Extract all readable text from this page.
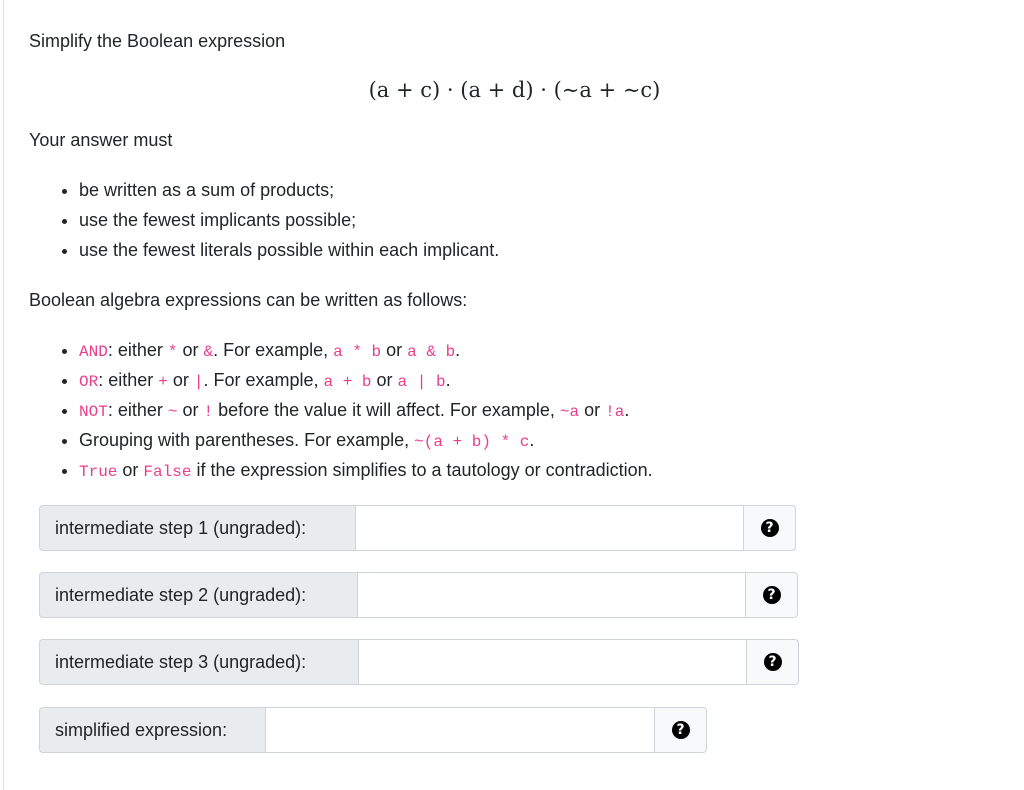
Simplify the Boolean expression

(a + c) · (a + d) · (∼a + ∼c)

Your answer must

• be written as a sum of products;
• use the fewest implicants possible;
• use the fewest literals possible within each implicant.

Boolean algebra expressions can be written as follows:

• AND: either * or &. For example, a * b or a & b.
• OR: either + or |. For example, a + b or a | b.
• NOT: either ~ or ! before the value it will affect. For example, ~a or !a.
• Grouping with parentheses. For example, ~(a + b) * c.
• True or False if the expression simplifies to a tautology or contradiction.
intermediate step 1 (ungraded):	?
intermediate step 2 (ungraded):	?
intermediate step 3 (ungraded):	?
simplified expression:	?
